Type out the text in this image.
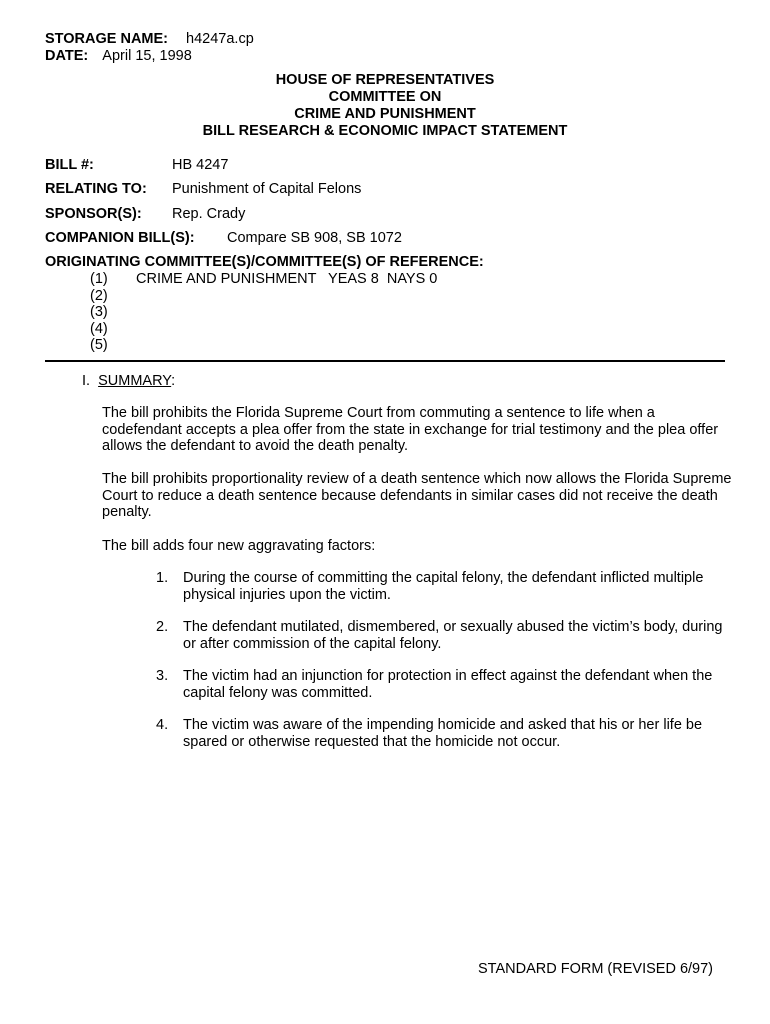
STORAGE NAME: h4247a.cp
DATE: April 15, 1998
HOUSE OF REPRESENTATIVES
COMMITTEE ON
CRIME AND PUNISHMENT
BILL RESEARCH & ECONOMIC IMPACT STATEMENT
BILL #:	HB 4247
RELATING TO: Punishment of Capital Felons
SPONSOR(S): Rep. Crady
COMPANION BILL(S): Compare SB 908, SB 1072
ORIGINATING COMMITTEE(S)/COMMITTEE(S) OF REFERENCE:
(1) CRIME AND PUNISHMENT   YEAS 8  NAYS 0
(2)
(3)
(4)
(5)
I. SUMMARY:
The bill prohibits the Florida Supreme Court from commuting a sentence to life when a codefendant accepts a plea offer from the state in exchange for trial testimony and the plea offer allows the defendant to avoid the death penalty.
The bill prohibits proportionality review of a death sentence which now allows the Florida Supreme Court to reduce a death sentence because defendants in similar cases did not receive the death penalty.
The bill adds four new aggravating factors:
1. During the course of committing the capital felony, the defendant inflicted multiple physical injuries upon the victim.
2. The defendant mutilated, dismembered, or sexually abused the victim’s body, during or after commission of the capital felony.
3. The victim had an injunction for protection in effect against the defendant when the capital felony was committed.
4. The victim was aware of the impending homicide and asked that his or her life be spared or otherwise requested that the homicide not occur.
STANDARD FORM (REVISED 6/97)
